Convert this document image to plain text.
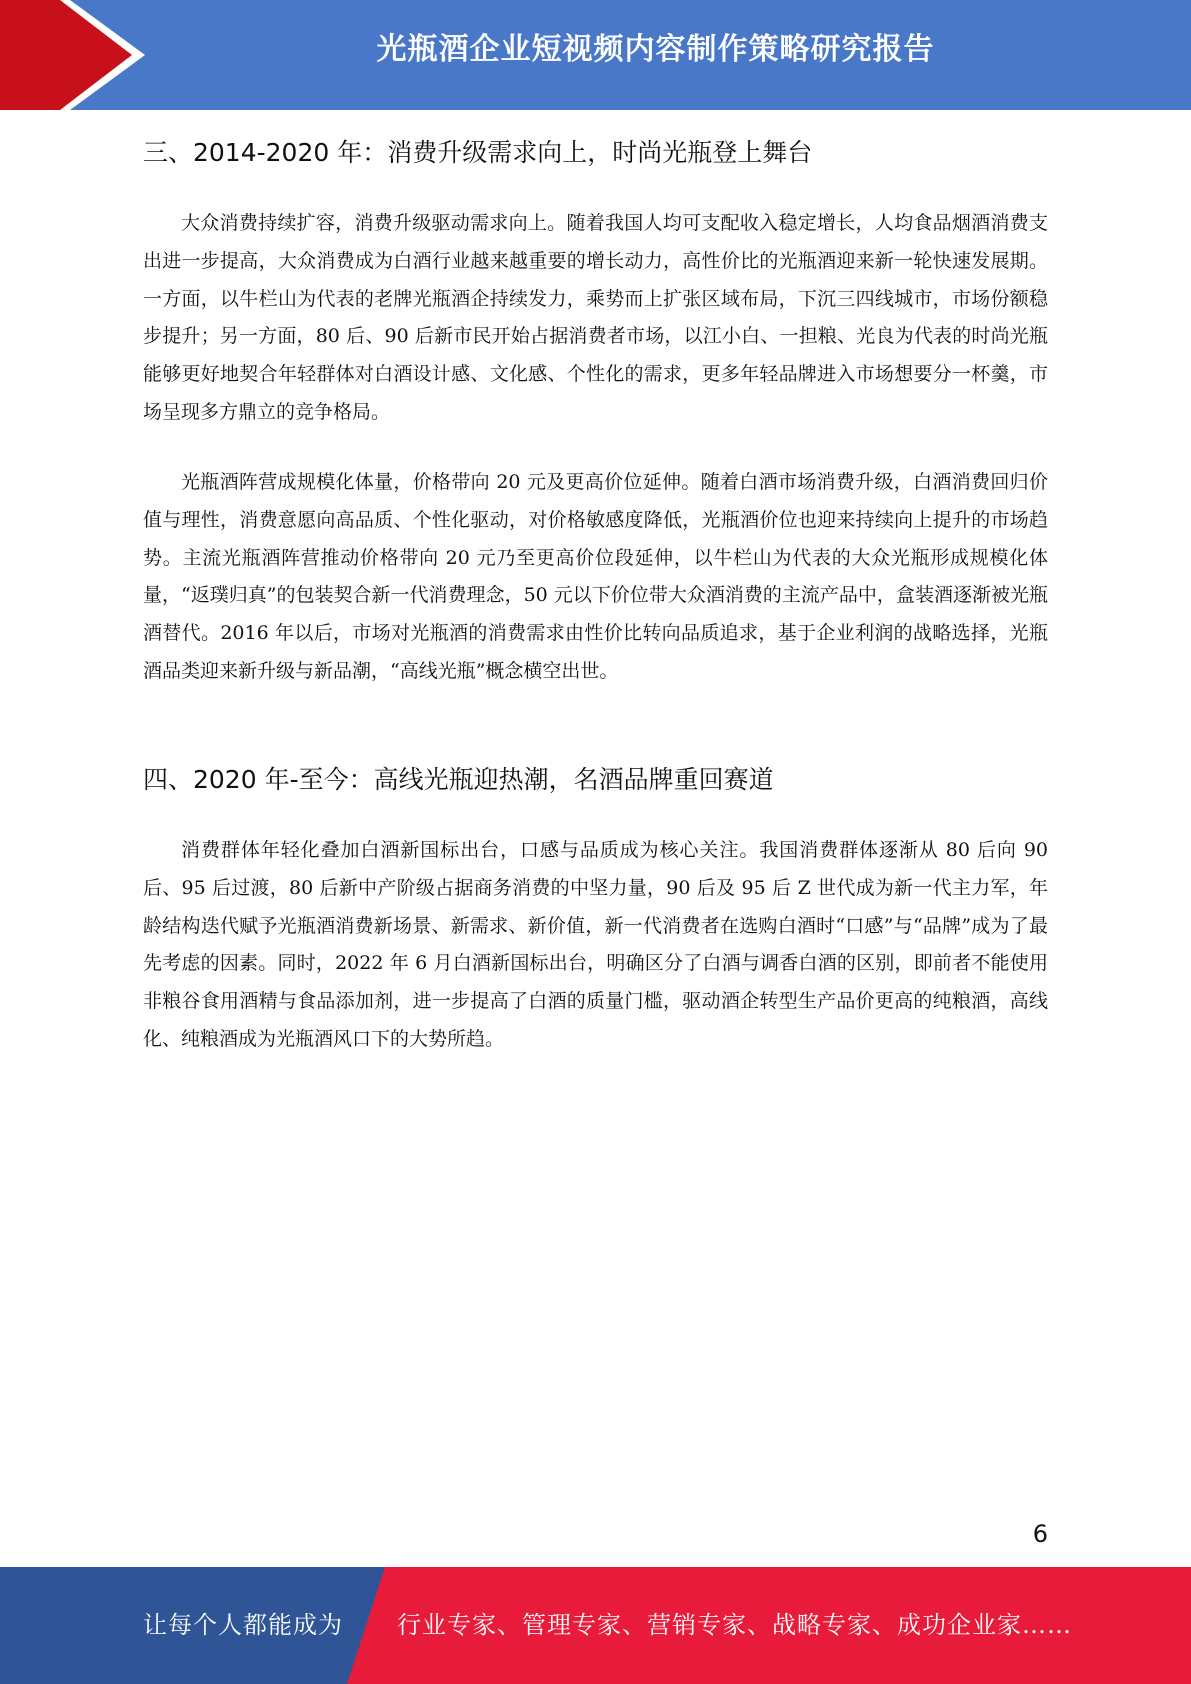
光瓶酒企业短视频内容制作策略研究报告
三、2014-2020 年：消费升级需求向上，时尚光瓶登上舞台

大众消费持续扩容，消费升级驱动需求向上。随着我国人均可支配收入稳定增长，人均食品烟酒消费支出进一步提高，大众消费成为白酒行业越来越重要的增长动力，高性价比的光瓶酒迎来新一轮快速发展期。一方面，以牛栏山为代表的老牌光瓶酒企持续发力，乘势而上扩张区域布局，下沉三四线城市，市场份额稳步提升；另一方面，80 后、90 后新市民开始占据消费者市场，以江小白、一担粮、光良为代表的时尚光瓶能够更好地契合年轻群体对白酒设计感、文化感、个性化的需求，更多年轻品牌进入市场想要分一杯羹，市场呈现多方鼎立的竞争格局。

光瓶酒阵营成规模化体量，价格带向 20 元及更高价位延伸。随着白酒市场消费升级，白酒消费回归价值与理性，消费意愿向高品质、个性化驱动，对价格敏感度降低，光瓶酒价位也迎来持续向上提升的市场趋势。主流光瓶酒阵营推动价格带向 20 元乃至更高价位段延伸，以牛栏山为代表的大众光瓶形成规模化体量，“返璞归真”的包装契合新一代消费理念，50 元以下价位带大众酒消费的主流产品中，盒装酒逐渐被光瓶酒替代。2016 年以后，市场对光瓶酒的消费需求由性价比转向品质追求，基于企业利润的战略选择，光瓶酒品类迎来新升级与新品潮，“高线光瓶”概念横空出世。

四、2020 年-至今：高线光瓶迎热潮，名酒品牌重回赛道

消费群体年轻化叠加白酒新国标出台，口感与品质成为核心关注。我国消费群体逐渐从 80 后向 90 后、95 后过渡，80 后新中产阶级占据商务消费的中坚力量，90 后及 95 后 Z 世代成为新一代主力军，年龄结构迭代赋予光瓶酒消费新场景、新需求、新价值，新一代消费者在选购白酒时“口感”与“品牌”成为了最先考虑的因素。同时，2022 年 6 月白酒新国标出台，明确区分了白酒与调香白酒的区别，即前者不能使用非粮谷食用酒精与食品添加剂，进一步提高了白酒的质量门槛，驱动酒企转型生产品价更高的纯粮酒，高线化、纯粮酒成为光瓶酒风口下的大势所趋。

6
让每个人都能成为 行业专家、管理专家、营销专家、战略专家、成功企业家……
